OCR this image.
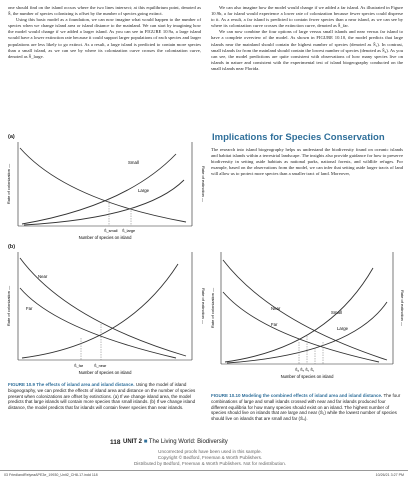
one should find on the island occurs where the two lines intersect; at this equilibrium point, denoted as Ŝ, the number of species colonizing is offset by the number of species going extinct.

Using this basic model as a foundation, we can now imagine what would happen to the number of species when we change island area or island distance to the mainland. We can start by imagining how the model would change if we added a larger island. As you can see in FIGURE 10.9a, a large island would have a lower extinction rate because it could support larger populations of each species and larger populations are less likely to go extinct. As a result, a large island is predicted to contain more species than a small island, as we can see by where its colonization curve crosses the colonization curve, denoted as Ŝ_large.

We can also imagine how the model would change if we added a far island. As illustrated in Figure 10.9b, a far island would experience a lower rate of colonization because fewer species could disperse to it. As a result, a far island is predicted to contain fewer species than a near island, as we can see by where its colonization curve crosses the extinction curve, denoted as Ŝ_far.

We can now combine the four options of large versus small islands and near versus far island to have a complete overview of the model. As shown in FIGURE 10.10, the model predicts that large islands near the mainland should contain the highest number of species (denoted as Ŝ₁). In contrast, small islands far from the mainland should contain the lowest number of species (denoted as Ŝ₄). As you can see, the model predictions are quite consistent with observations of how many species live on islands in nature and consistent with the experimental test of island biogeography conducted on the small islands near Florida.

Implications for Species Conservation
The research into island biogeography helps us understand the biodiversity found on oceanic islands and habitat islands within a terrestrial landscape. The insights also provide guidance for how to preserve biodiversity in setting aside habitats as national parks, national forests, and wildlife refuges. For example, based on the observations from the model, we can infer that setting aside larger tracts of land will allow us to protect more species than a smaller tract of land. Moreover,
(a)
Rate of colonization —	Rate of extinction —
Small
Large
Ŝ_small Ŝ_large
Number of species on island
(b)
Rate of colonization —	Rate of extinction —
Near
Far
Ŝ_far	Ŝ_near
Number of species on island
Rate of colonization —	Rate of extinction —
Near
Far
Small
Large
Ŝ₄ Ŝ₃ Ŝ₂ Ŝ₁
Number of species on island
FIGURE 10.9 The effects of island area and island distance. Using the model of island biogeography, we can predict the effects of island area and distance on the number of species present when colonizations are offset by extinctions. (a) If we change island area, the model predicts that large islands will contain more species than small islands. (b) If we change island distance, the model predicts that far islands will contain fewer species than near islands.
FIGURE 10.10 Modeling the combined effects of island area and island distance. The four combinations of large and small islands crossed with near and far islands produced four different equilibria for how many species should exist on an island. The highest number of species should live on islands that are large and near (Ŝ₁) while the lowest number of species should live on islands that are small and far (Ŝ₄).
118 UNIT 2 ■ The Living World: Biodiversity
Uncorrected proofs have been used in this sample.
Copyright © Bedford, Freeman & Worth Publishers.
Distributed by Bedford, Freeman & Worth Publishers. Not for redistribution.
03 FriedlandRelyeaAPE3e_19930_Unit2_CH8-17.indd 118	10/26/21 3:27 PM
